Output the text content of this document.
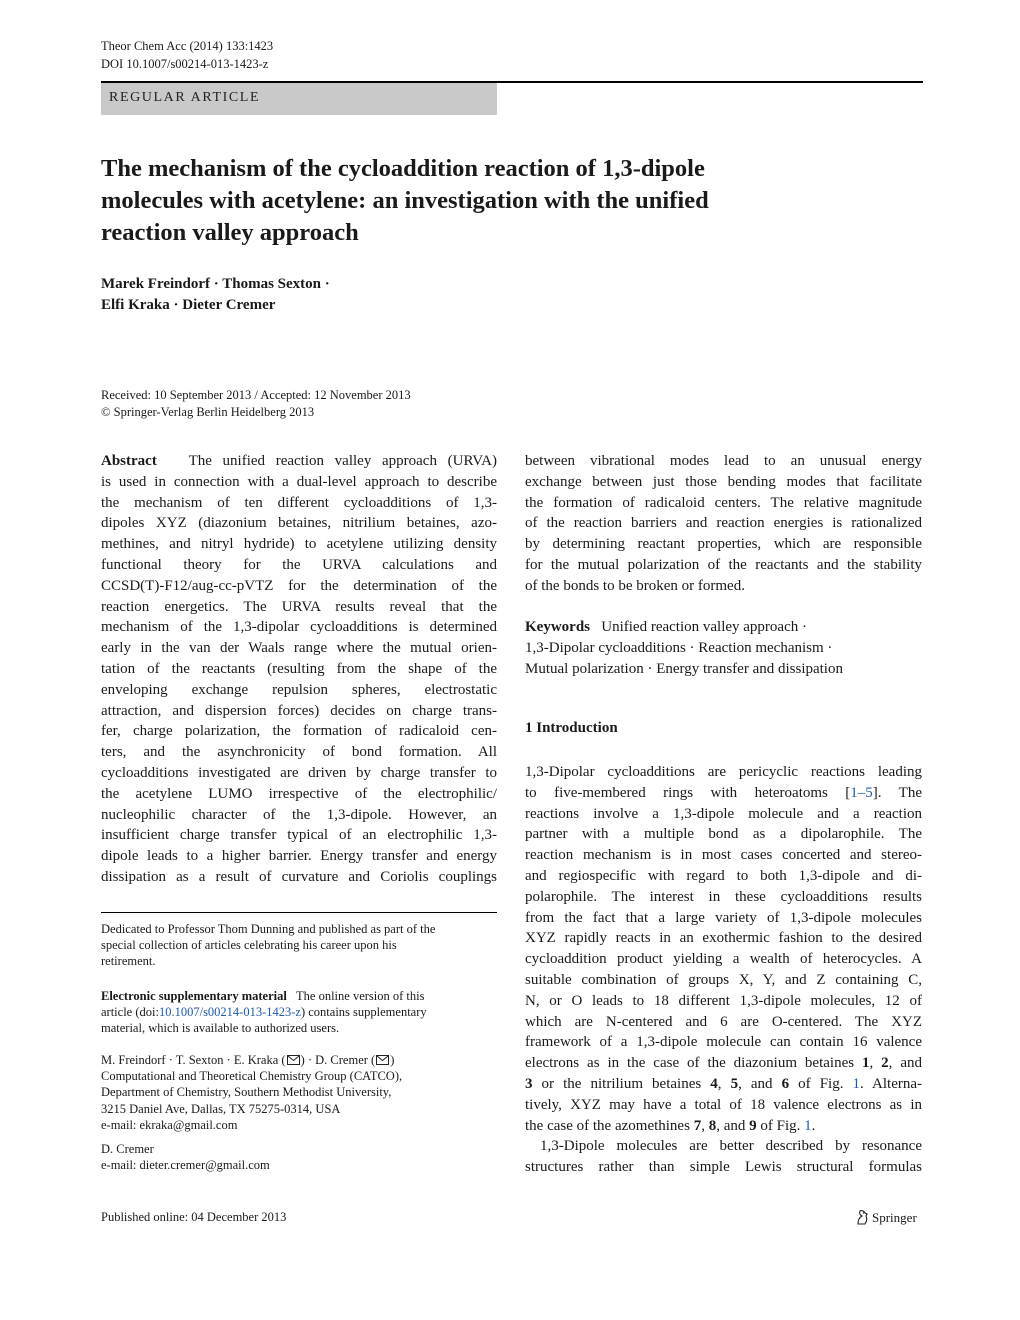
Theor Chem Acc (2014) 133:1423
DOI 10.1007/s00214-013-1423-z
REGULAR ARTICLE
The mechanism of the cycloaddition reaction of 1,3-dipole
molecules with acetylene: an investigation with the unified
reaction valley approach
Marek Freindorf · Thomas Sexton ·
Elfi Kraka · Dieter Cremer
Received: 10 September 2013 / Accepted: 12 November 2013
© Springer-Verlag Berlin Heidelberg 2013
Abstract The unified reaction valley approach (URVA)
is used in connection with a dual-level approach to describe
the mechanism of ten different cycloadditions of 1,3-
dipoles XYZ (diazonium betaines, nitrilium betaines, azo-
methines, and nitryl hydride) to acetylene utilizing density
functional theory for the URVA calculations and
CCSD(T)-F12/aug-cc-pVTZ for the determination of the
reaction energetics. The URVA results reveal that the
mechanism of the 1,3-dipolar cycloadditions is determined
early in the van der Waals range where the mutual orien-
tation of the reactants (resulting from the shape of the
enveloping exchange repulsion spheres, electrostatic
attraction, and dispersion forces) decides on charge trans-
fer, charge polarization, the formation of radicaloid cen-
ters, and the asynchronicity of bond formation. All
cycloadditions investigated are driven by charge transfer to
the acetylene LUMO irrespective of the electrophilic/
nucleophilic character of the 1,3-dipole. However, an
insufficient charge transfer typical of an electrophilic 1,3-
dipole leads to a higher barrier. Energy transfer and energy
dissipation as a result of curvature and Coriolis couplings
Dedicated to Professor Thom Dunning and published as part of the
special collection of articles celebrating his career upon his
retirement.
Electronic supplementary material The online version of this
article (doi:10.1007/s00214-013-1423-z) contains supplementary
material, which is available to authorized users.
M. Freindorf · T. Sexton · E. Kraka ( ) · D. Cremer ( )
Computational and Theoretical Chemistry Group (CATCO),
Department of Chemistry, Southern Methodist University,
3215 Daniel Ave, Dallas, TX 75275-0314, USA
e-mail: ekraka@gmail.com
D. Cremer
e-mail: dieter.cremer@gmail.com
between vibrational modes lead to an unusual energy
exchange between just those bending modes that facilitate
the formation of radicaloid centers. The relative magnitude
of the reaction barriers and reaction energies is rationalized
by determining reactant properties, which are responsible
for the mutual polarization of the reactants and the stability
of the bonds to be broken or formed.
Keywords Unified reaction valley approach ·
1,3-Dipolar cycloadditions · Reaction mechanism ·
Mutual polarization · Energy transfer and dissipation
1 Introduction
1,3-Dipolar cycloadditions are pericyclic reactions leading
to five-membered rings with heteroatoms [1–5]. The
reactions involve a 1,3-dipole molecule and a reaction
partner with a multiple bond as a dipolarophile. The
reaction mechanism is in most cases concerted and stereo-
and regiospecific with regard to both 1,3-dipole and di-
polarophile. The interest in these cycloadditions results
from the fact that a large variety of 1,3-dipole molecules
XYZ rapidly reacts in an exothermic fashion to the desired
cycloaddition product yielding a wealth of heterocycles. A
suitable combination of groups X, Y, and Z containing C,
N, or O leads to 18 different 1,3-dipole molecules, 12 of
which are N-centered and 6 are O-centered. The XYZ
framework of a 1,3-dipole molecule can contain 16 valence
electrons as in the case of the diazonium betaines 1, 2, and
3 or the nitrilium betaines 4, 5, and 6 of Fig. 1. Alterna-
tively, XYZ may have a total of 18 valence electrons as in
the case of the azomethines 7, 8, and 9 of Fig. 1.
1,3-Dipole molecules are better described by resonance
structures rather than simple Lewis structural formulas
Published online: 04 December 2013	Springer
